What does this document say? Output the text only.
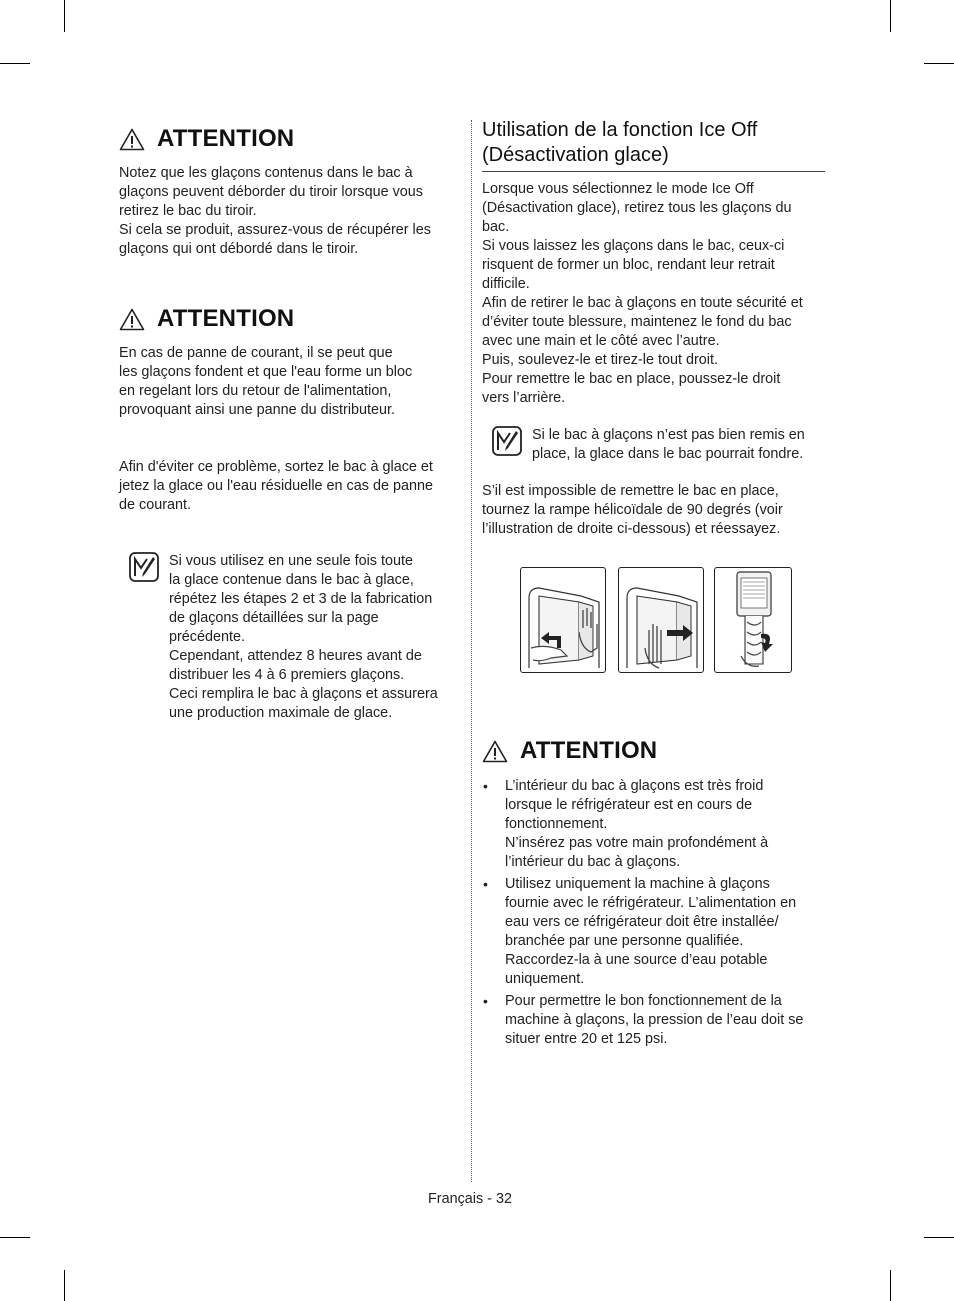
ATTENTION

Notez que les glaçons contenus dans le bac à

glaçons peuvent déborder du tiroir lorsque vous

retirez le bac du tiroir.

Si cela se produit, assurez-vous de récupérer les

glaçons qui ont débordé dans le tiroir.

ATTENTION

En cas de panne de courant, il se peut que

les glaçons fondent et que l'eau forme un bloc

en regelant lors du retour de l'alimentation,

provoquant ainsi une panne du distributeur.

Afin d'éviter ce problème, sortez le bac à glace et

jetez la glace ou l'eau résiduelle en cas de panne

de courant.

Si vous utilisez en une seule fois toute
la glace contenue dans le bac à glace,
répétez les étapes 2 et 3 de la fabrication
de glaçons détaillées sur la page
précédente.
Cependant, attendez 8 heures avant de
distribuer les 4 à 6 premiers glaçons.
Ceci remplira le bac à glaçons et assurera
une production maximale de glace.
Utilisation de la fonction Ice Off
(Désactivation glace)

Lorsque vous sélectionnez le mode Ice Off

(Désactivation glace), retirez tous les glaçons du

bac.

Si vous laissez les glaçons dans le bac, ceux-ci

risquent de former un bloc, rendant leur retrait

difficile.

Afin de retirer le bac à glaçons en toute sécurité et

d’éviter toute blessure, maintenez le fond du bac

avec une main et le côté avec l’autre.

Puis, soulevez-le et tirez-le tout droit.

Pour remettre le bac en place, poussez-le droit

vers l’arrière.

Si le bac à glaçons n’est pas bien remis en
place, la glace dans le bac pourrait fondre.

S’il est impossible de remettre le bac en place,

tournez la rampe hélicoïdale de 90 degrés (voir

l’illustration de droite ci-dessous) et réessayez.

ATTENTION
• L’intérieur du bac à glaçons est très froid
lorsque le réfrigérateur est en cours de
fonctionnement.
N’insérez pas votre main profondément à
l’intérieur du bac à glaçons.
• Utilisez uniquement la machine à glaçons
fournie avec le réfrigérateur. L’alimentation en
eau vers ce réfrigérateur doit être installée/
branchée par une personne qualifiée.
Raccordez-la à une source d’eau potable
uniquement.
• Pour permettre le bon fonctionnement de la
machine à glaçons, la pression de l’eau doit se
situer entre 20 et 125 psi.
Français - 32
